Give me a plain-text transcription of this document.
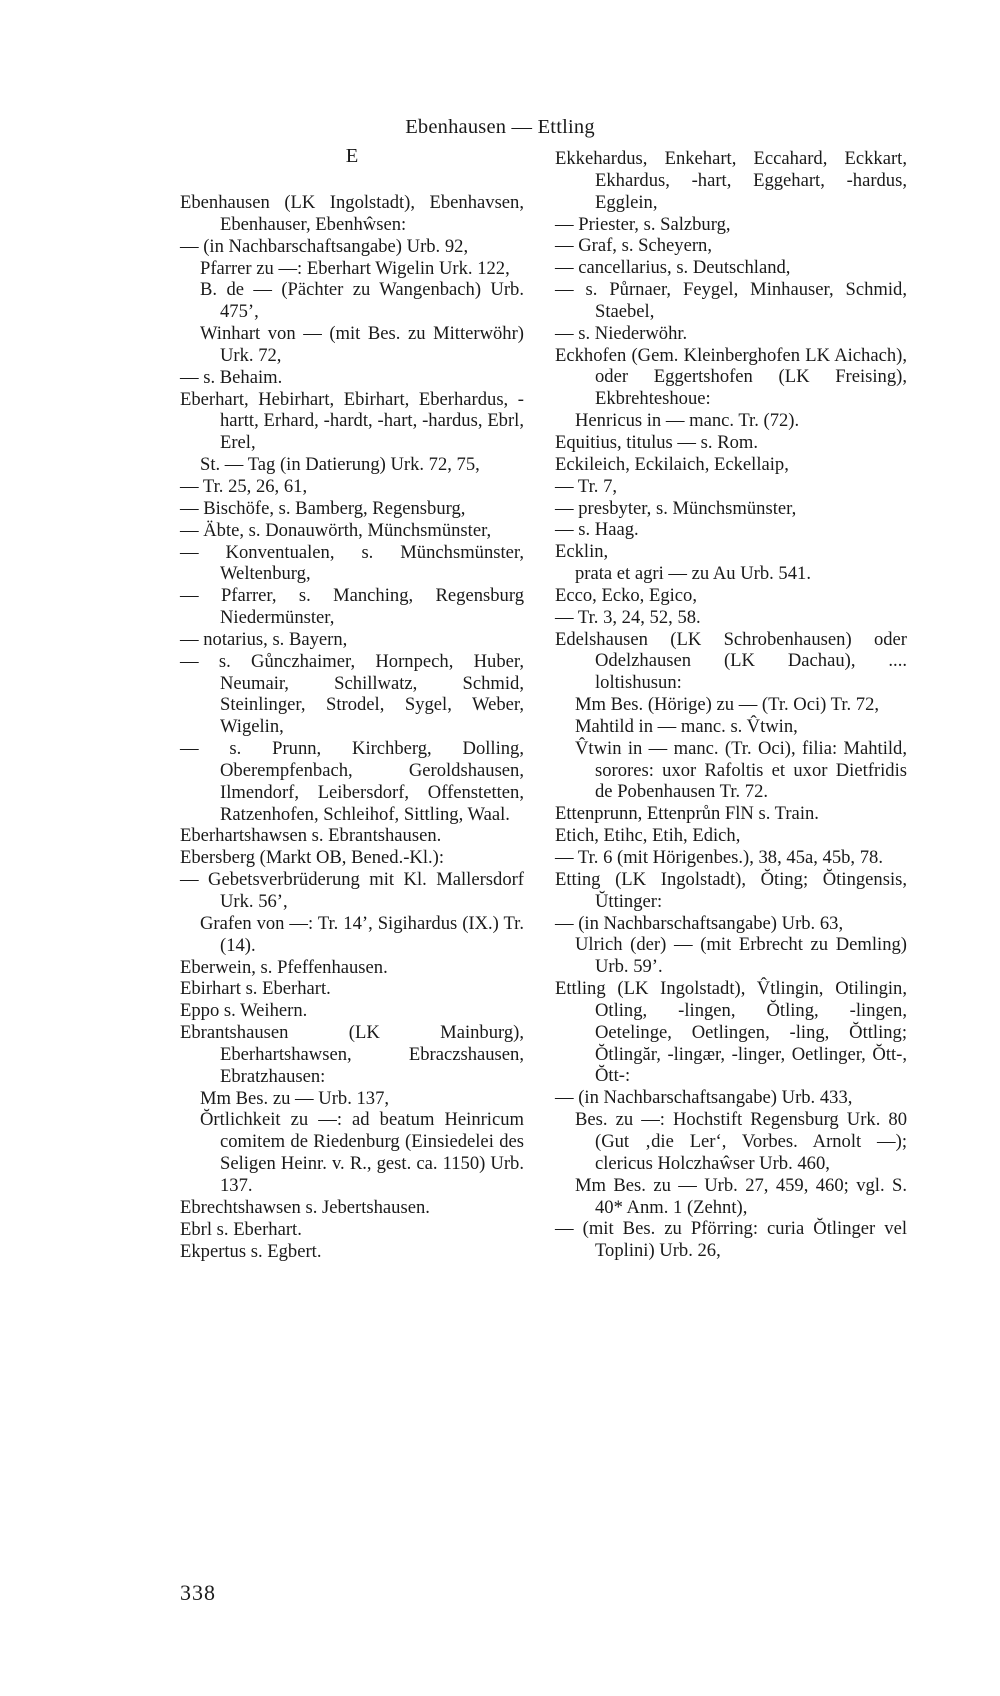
Ebenhausen — Ettling
E
Ebenhausen (LK Ingolstadt), Ebenhavsen, Ebenhauser, Ebenhŵsen:
— (in Nachbarschaftsangabe) Urb. 92,
Pfarrer zu —: Eberhart Wigelin Urk. 122,
B. de — (Pächter zu Wangenbach) Urb. 475’,
Winhart von — (mit Bes. zu Mitterwöhr) Urk. 72,
— s. Behaim.
Eberhart, Hebirhart, Ebirhart, Eberhardus, -hartt, Erhard, -hardt, -hart, -hardus, Ebrl, Erel,
St. — Tag (in Datierung) Urk. 72, 75,
— Tr. 25, 26, 61,
— Bischöfe, s. Bamberg, Regensburg,
— Äbte, s. Donauwörth, Münchsmünster,
— Konventualen, s. Münchsmünster, Weltenburg,
— Pfarrer, s. Manching, Regensburg Niedermünster,
— notarius, s. Bayern,
— s. Gůnczhaimer, Hornpech, Huber, Neumair, Schillwatz, Schmid, Steinlinger, Strodel, Sygel, Weber, Wigelin,
— s. Prunn, Kirchberg, Dolling, Oberempfenbach, Geroldshausen, Ilmendorf, Leibersdorf, Offenstetten, Ratzenhofen, Schleihof, Sittling, Waal.
Eberhartshawsen s. Ebrantshausen.
Ebersberg (Markt OB, Bened.-Kl.):
— Gebetsverbrüderung mit Kl. Mallersdorf Urk. 56’,
Grafen von —: Tr. 14’, Sigihardus (IX.) Tr. (14).
Eberwein, s. Pfeffenhausen.
Ebirhart s. Eberhart.
Eppo s. Weihern.
Ebrantshausen (LK Mainburg), Eberhartshawsen, Ebraczshausen, Ebratzhausen:
Mm Bes. zu — Urb. 137,
Ŏrtlichkeit zu —: ad beatum Heinricum comitem de Riedenburg (Einsiedelei des Seligen Heinr. v. R., gest. ca. 1150) Urb. 137.
Ebrechtshawsen s. Jebertshausen.
Ebrl s. Eberhart.
Ekpertus s. Egbert.
Ekkehardus, Enkehart, Eccahard, Eckkart, Ekhardus, -hart, Eggehart, -hardus, Egglein,
— Priester, s. Salzburg,
— Graf, s. Scheyern,
— cancellarius, s. Deutschland,
— s. Půrnaer, Feygel, Minhauser, Schmid, Staebel,
— s. Niederwöhr.
Eckhofen (Gem. Kleinberghofen LK Aichach), oder Eggertshofen (LK Freising), Ekbrehteshoue:
Henricus in — manc. Tr. (72).
Equitius, titulus — s. Rom.
Eckileich, Eckilaich, Eckellaip,
— Tr. 7,
— presbyter, s. Münchsmünster,
— s. Haag.
Ecklin,
prata et agri — zu Au Urb. 541.
Ecco, Ecko, Egico,
— Tr. 3, 24, 52, 58.
Edelshausen (LK Schrobenhausen) oder Odelzhausen (LK Dachau), .... loltishusun:
Mm Bes. (Hörige) zu — (Tr. Oci) Tr. 72,
Mahtild in — manc. s. V̂twin,
V̂twin in — manc. (Tr. Oci), filia: Mahtild, sorores: uxor Rafoltis et uxor Dietfridis de Pobenhausen Tr. 72.
Ettenprunn, Ettenprůn FlN s. Train.
Etich, Etihc, Etih, Edich,
— Tr. 6 (mit Hörigenbes.), 38, 45a, 45b, 78.
Etting (LK Ingolstadt), Ŏting; Ŏtingensis, Ŭttinger:
— (in Nachbarschaftsangabe) Urb. 63,
Ulrich (der) — (mit Erbrecht zu Demling) Urb. 59’.
Ettling (LK Ingolstadt), V̂tlingin, Otilingin, Otling, -lingen, Ŏtling, -lingen, Oetelinge, Oetlingen, -ling, Ŏttling; Ŏtlingăr, -lingær, -linger, Oetlinger, Ŏtt-, Ŏtt-:
— (in Nachbarschaftsangabe) Urb. 433,
Bes. zu —: Hochstift Regensburg Urk. 80 (Gut ‚die Ler‘, Vorbes. Arnolt —); clericus Holczhaŵser Urb. 460,
Mm Bes. zu — Urb. 27, 459, 460; vgl. S. 40* Anm. 1 (Zehnt),
— (mit Bes. zu Pförring: curia Ŏtlinger vel Toplini) Urb. 26,
338
